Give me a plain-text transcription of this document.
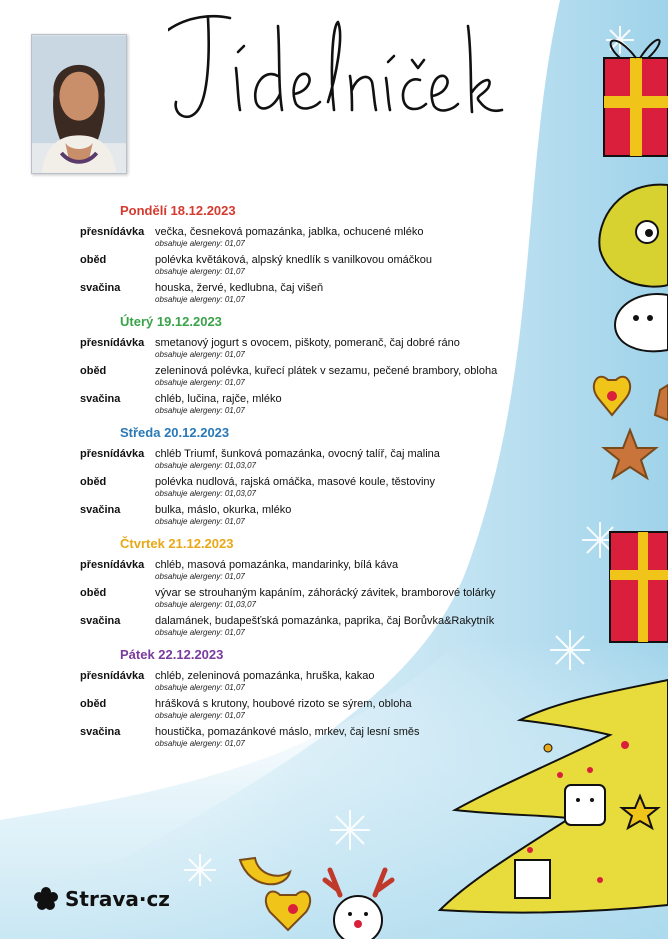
Pondělí 18.12.2023
přesnídávka večka, česneková pomazánka, jablka, ochucené mléko
obsahuje alergeny: 01,07
oběd	polévka květáková, alpský knedlík s vanilkovou omáčkou
obsahuje alergeny: 01,07
svačina	houska, žervé, kedlubna, čaj višeň
obsahuje alergeny: 01,07
Úterý 19.12.2023
přesnídávka smetanový jogurt s ovocem, piškoty, pomeranč, čaj dobré ráno
obsahuje alergeny: 01,07
oběd	zeleninová polévka, kuřecí plátek v sezamu, pečené brambory, obloha
obsahuje alergeny: 01,07
svačina	chléb, lučina, rajče, mléko
obsahuje alergeny: 01,07
Středa 20.12.2023
přesnídávka chléb Triumf, šunková pomazánka, ovocný talíř, čaj malina
obsahuje alergeny: 01,03,07
oběd	polévka nudlová, rajská omáčka, masové koule, těstoviny
obsahuje alergeny: 01,03,07
svačina	bulka, máslo, okurka, mléko
obsahuje alergeny: 01,07
Čtvrtek 21.12.2023
přesnídávka chléb, masová pomazánka, mandarinky, bílá káva
obsahuje alergeny: 01,07
oběd	vývar se strouhaným kapáním, záhorácký závitek, bramborové tolárky
obsahuje alergeny: 01,03,07
svačina	dalamánek, budapešťská pomazánka, paprika, čaj Borůvka&Rakytník
obsahuje alergeny: 01,07
Pátek 22.12.2023
přesnídávka chléb, zeleninová pomazánka, hruška, kakao
obsahuje alergeny: 01,07
oběd	hrášková s krutony, houbové rizoto se sýrem, obloha
obsahuje alergeny: 01,07
svačina	houstička, pomazánkové máslo, mrkev, čaj lesní směs
obsahuje alergeny: 01,07
Strava·cz
